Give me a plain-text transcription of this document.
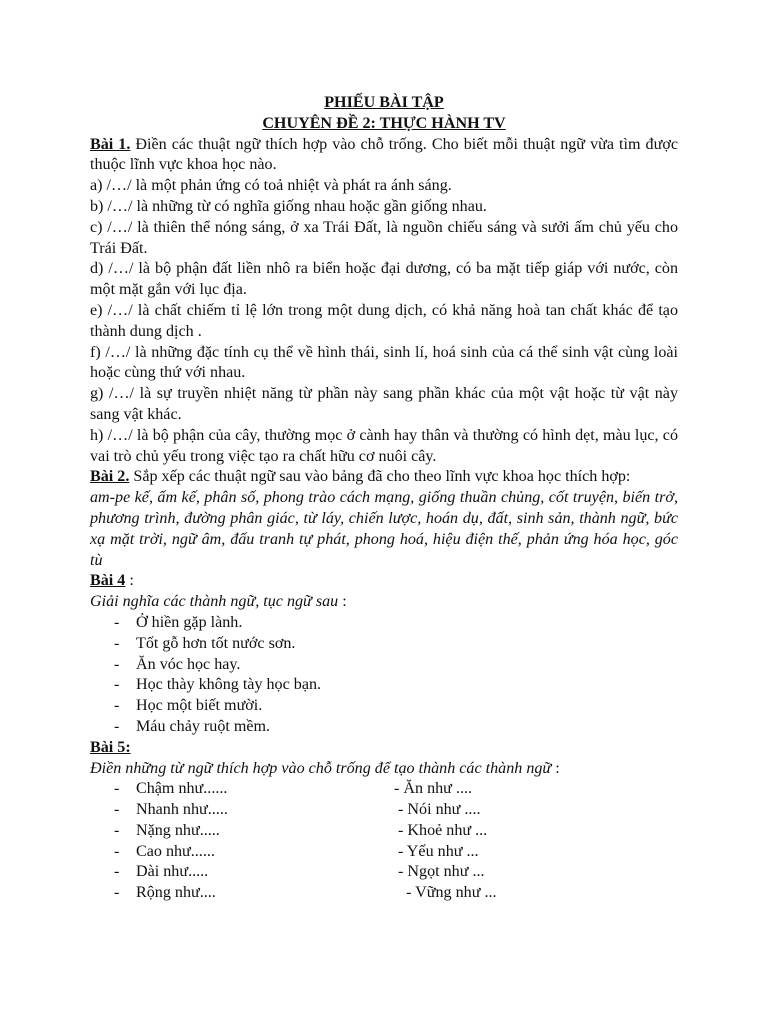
PHIẾU BÀI TẬP
CHUYÊN ĐỀ 2: THỰC HÀNH TV
Bài 1. Điền các thuật ngữ thích hợp vào chỗ trống. Cho biết mỗi thuật ngữ vừa tìm được thuộc lĩnh vực khoa học nào.
a) /…/ là một phản ứng có toả nhiệt và phát ra ánh sáng.
b) /…/ là những từ có nghĩa giống nhau hoặc gần giống nhau.
c) /…/ là thiên thể nóng sáng, ở xa Trái Đất, là nguồn chiếu sáng và sưởi ấm chủ yếu cho Trái Đất.
d) /…/ là bộ phận đất liền nhô ra biển hoặc đại dương, có ba mặt tiếp giáp với nước, còn một mặt gắn với lục địa.
e) /…/ là chất chiếm tỉ lệ lớn trong một dung dịch, có khả năng hoà tan chất khác để tạo thành dung dịch .
f) /…/ là những đặc tính cụ thể về hình thái, sinh lí, hoá sinh của cá thể sinh vật cùng loài hoặc cùng thứ với nhau.
g) /…/ là sự truyền nhiệt năng từ phần này sang phần khác của một vật hoặc từ vật này sang vật khác.
h) /…/ là bộ phận của cây, thường mọc ở cành hay thân và thường có hình dẹt, màu lục, có vai trò chủ yếu trong việc tạo ra chất hữu cơ nuôi cây.
Bài 2. Sắp xếp các thuật ngữ sau vào bảng đã cho theo lĩnh vực khoa học thích hợp:
am-pe kế, ấm kế, phân số, phong trào cách mạng, giống thuần chủng, cốt truyện, biến trở, phương trình, đường phân giác, từ láy, chiến lược, hoán dụ, đất, sinh sản, thành ngữ, bức xạ mặt trời, ngữ âm, đấu tranh tự phát, phong hoá, hiệu điện thế, phản ứng hóa học, góc tù
Bài 4 :
Giải nghĩa các thành ngữ, tục ngữ sau :
- Ở hiền gặp lành.
- Tốt gỗ hơn tốt nước sơn.
- Ăn vóc học hay.
- Học thày không tày học bạn.
- Học một biết mười.
- Máu chảy ruột mềm.
Bài 5:
Điền những từ ngữ thích hợp vào chỗ trống để tạo thành các thành ngữ :
- Chậm như......	- Ăn như ....
- Nhanh như.....	- Nói như ....
- Nặng như.....	- Khoẻ như ...
- Cao như......	- Yếu như ...
- Dài như.....	- Ngọt như ...
- Rộng như....	- Vững như ...
